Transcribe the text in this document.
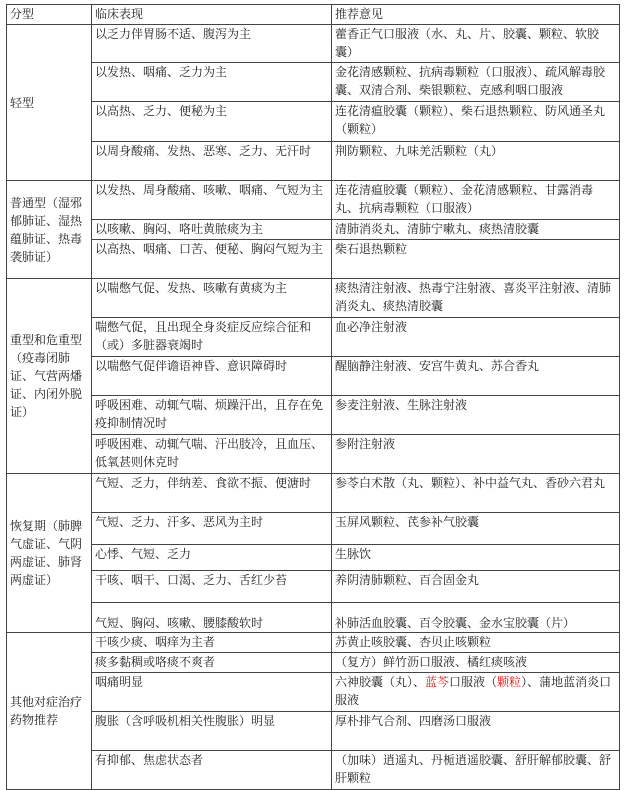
分型	临床表现	推荐意见
轻型	以乏力伴胃肠不适、腹泻为主	藿香正气口服液（水、丸、片、胶囊、颗粒、软胶囊）
	以发热、咽痛、乏力为主	金花清感颗粒、抗病毒颗粒（口服液）、疏风解毒胶囊、双清合剂、柴银颗粒、克感利咽口服液
	以高热、乏力、便秘为主	连花清瘟胶囊（颗粒）、柴石退热颗粒、防风通圣丸（颗粒）
	以周身酸痛、发热、恶寒、乏力、无汗时	荆防颗粒、九味羌活颗粒（丸）
普通型（湿邪郁肺证、湿热蕴肺证、热毒袭肺证）	以发热、周身酸痛、咳嗽、咽痛、气短为主	连花清瘟胶囊（颗粒）、金花清感颗粒、甘露消毒丸、抗病毒颗粒（口服液）
	以咳嗽、胸闷、咯吐黄脓痰为主	清肺消炎丸、清肺宁嗽丸、痰热清胶囊
	以高热、咽痛、口苦、便秘、胸闷气短为主	柴石退热颗粒
重型和危重型（疫毒闭肺证、气营两燔证、内闭外脱证）	以喘憋气促、发热、咳嗽有黄痰为主	痰热清注射液、热毒宁注射液、喜炎平注射液、清肺消炎丸、痰热清胶囊
	喘憋气促，且出现全身炎症反应综合征和（或）多脏器衰竭时	血必净注射液
	以喘憋气促伴谵语神昏、意识障碍时	醒脑静注射液、安宫牛黄丸、苏合香丸
	呼吸困难、动辄气喘、烦躁汗出，且存在免疫抑制情况时	参麦注射液、生脉注射液
	呼吸困难、动辄气喘、汗出肢冷，且血压、低氧甚则休克时	参附注射液
恢复期（肺脾气虚证、气阴两虚证、肺肾两虚证）	气短、乏力，伴纳差、食欲不振、便溏时	参苓白术散（丸、颗粒）、补中益气丸、香砂六君丸
	气短、乏力、汗多、恶风为主时	玉屏风颗粒、芪参补气胶囊
	心悸、气短、乏力	生脉饮
	干咳、咽干、口渴、乏力、舌红少苔	养阴清肺颗粒、百合固金丸
	气短、胸闷、咳嗽、腰膝酸软时	补肺活血胶囊、百令胶囊、金水宝胶囊（片）
其他对症治疗药物推荐	干咳少痰、咽痒为主者	苏黄止咳胶囊、杏贝止咳颗粒
	痰多黏稠或咯痰不爽者	（复方）鲜竹沥口服液、橘红痰咳液
	咽痛明显	六神胶囊（丸）、蓝芩口服液（颗粒）、蒲地蓝消炎口服液
	腹胀（含呼吸机相关性腹胀）明显	厚朴排气合剂、四磨汤口服液
	有抑郁、焦虑状态者	（加味）逍遥丸、丹栀逍遥胶囊、舒肝解郁胶囊、舒肝颗粒
